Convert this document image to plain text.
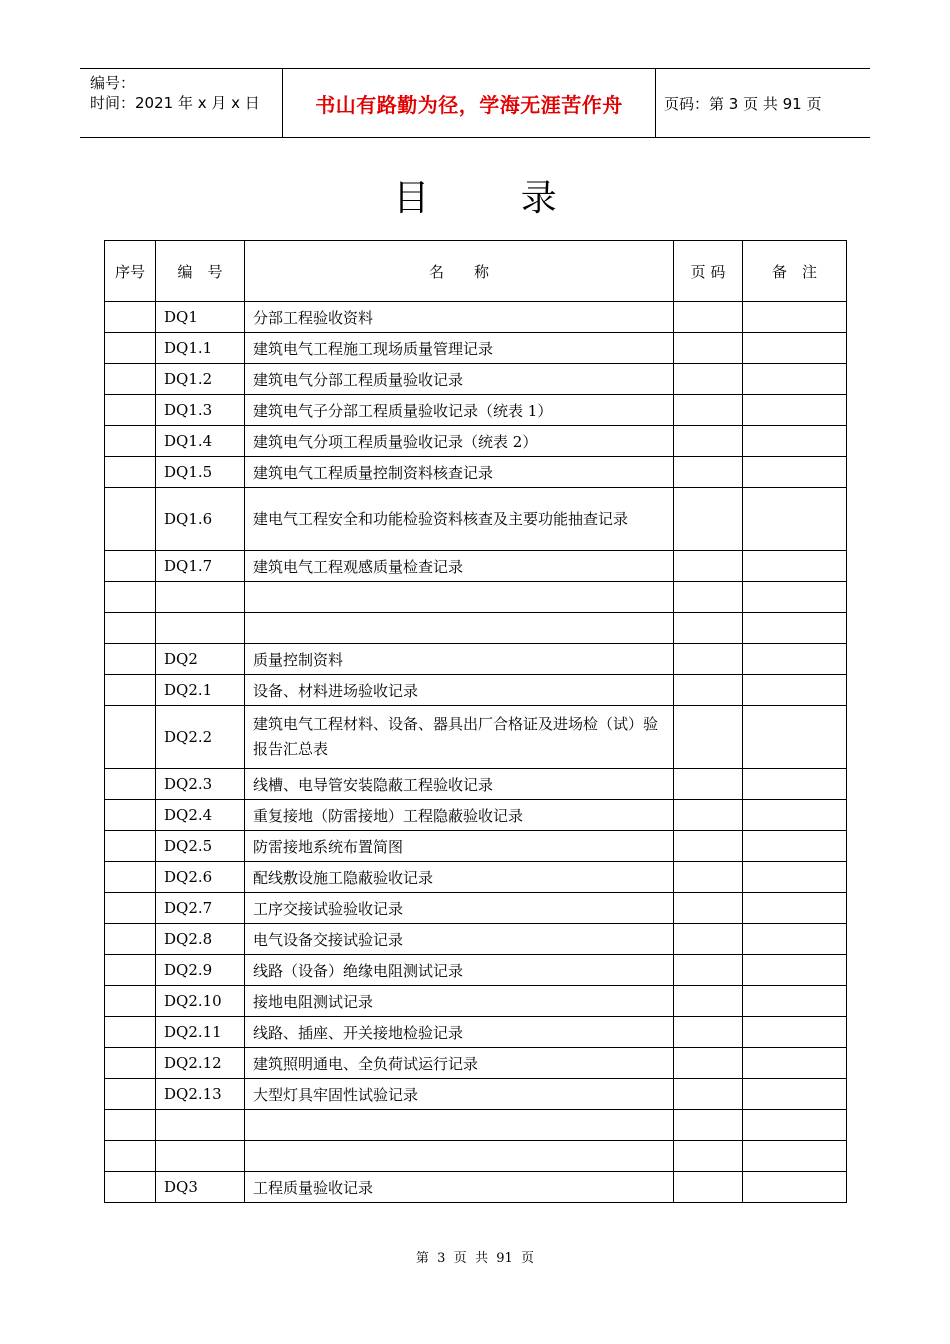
编号：
时间：2021 年 x 月 x 日	书山有路勤为径，学海无涯苦作舟	页码：第 3 页 共 91 页
目        录
序号	编　号	名　　称	页 码	备　注
	DQ1	分部工程验收资料		
	DQ1.1	建筑电气工程施工现场质量管理记录		
	DQ1.2	建筑电气分部工程质量验收记录		
	DQ1.3	建筑电气子分部工程质量验收记录（统表 1）		
	DQ1.4	建筑电气分项工程质量验收记录（统表 2）		
	DQ1.5	建筑电气工程质量控制资料核查记录		
	DQ1.6	建电气工程安全和功能检验资料核查及主要功能抽查记录		
	DQ1.7	建筑电气工程观感质量检查记录		

	DQ2	质量控制资料		
	DQ2.1	设备、材料进场验收记录		
	DQ2.2	建筑电气工程材料、设备、器具出厂合格证及进场检（试）验报告汇总表		
	DQ2.3	线槽、电导管安装隐蔽工程验收记录		
	DQ2.4	重复接地（防雷接地）工程隐蔽验收记录		
	DQ2.5	防雷接地系统布置简图		
	DQ2.6	配线敷设施工隐蔽验收记录		
	DQ2.7	工序交接试验验收记录		
	DQ2.8	电气设备交接试验记录		
	DQ2.9	线路（设备）绝缘电阻测试记录		
	DQ2.10	接地电阻测试记录		
	DQ2.11	线路、插座、开关接地检验记录		
	DQ2.12	建筑照明通电、全负荷试运行记录		
	DQ2.13	大型灯具牢固性试验记录		

	DQ3	工程质量验收记录		
第  3  页  共  91  页
